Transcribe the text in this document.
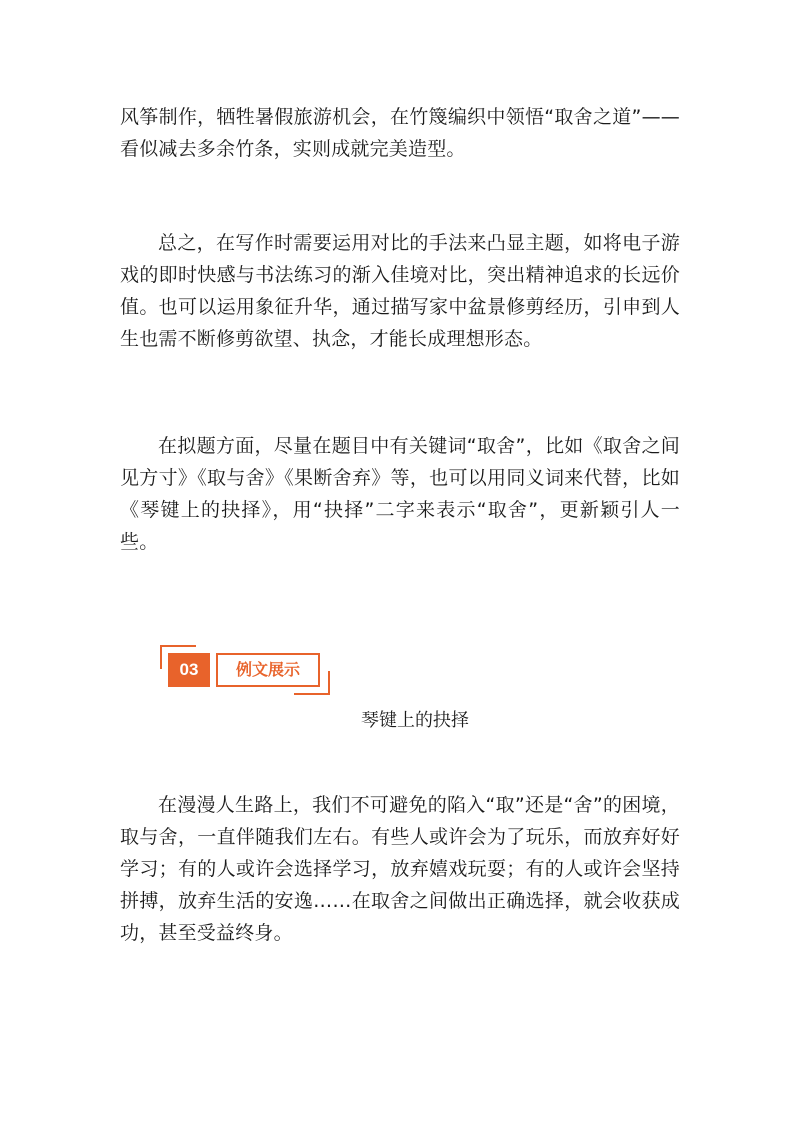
风筝制作，牺牲暑假旅游机会，在竹篾编织中领悟“取舍之道”——看似减去多余竹条，实则成就完美造型。

总之，在写作时需要运用对比的手法来凸显主题，如将电子游戏的即时快感与书法练习的渐入佳境对比，突出精神追求的长远价值。也可以运用象征升华，通过描写家中盆景修剪经历，引申到人生也需不断修剪欲望、执念，才能长成理想形态。

在拟题方面，尽量在题目中有关键词“取舍”，比如《取舍之间见方寸》《取与舍》《果断舍弃》等，也可以用同义词来代替，比如《琴键上的抉择》，用“抉择”二字来表示“取舍”，更新颖引人一些。

03	例文展示

琴键上的抉择

在漫漫人生路上，我们不可避免的陷入“取”还是“舍”的困境，取与舍，一直伴随我们左右。有些人或许会为了玩乐，而放弃好好学习；有的人或许会选择学习，放弃嬉戏玩耍；有的人或许会坚持拼搏，放弃生活的安逸……在取舍之间做出正确选择，就会收获成功，甚至受益终身。
